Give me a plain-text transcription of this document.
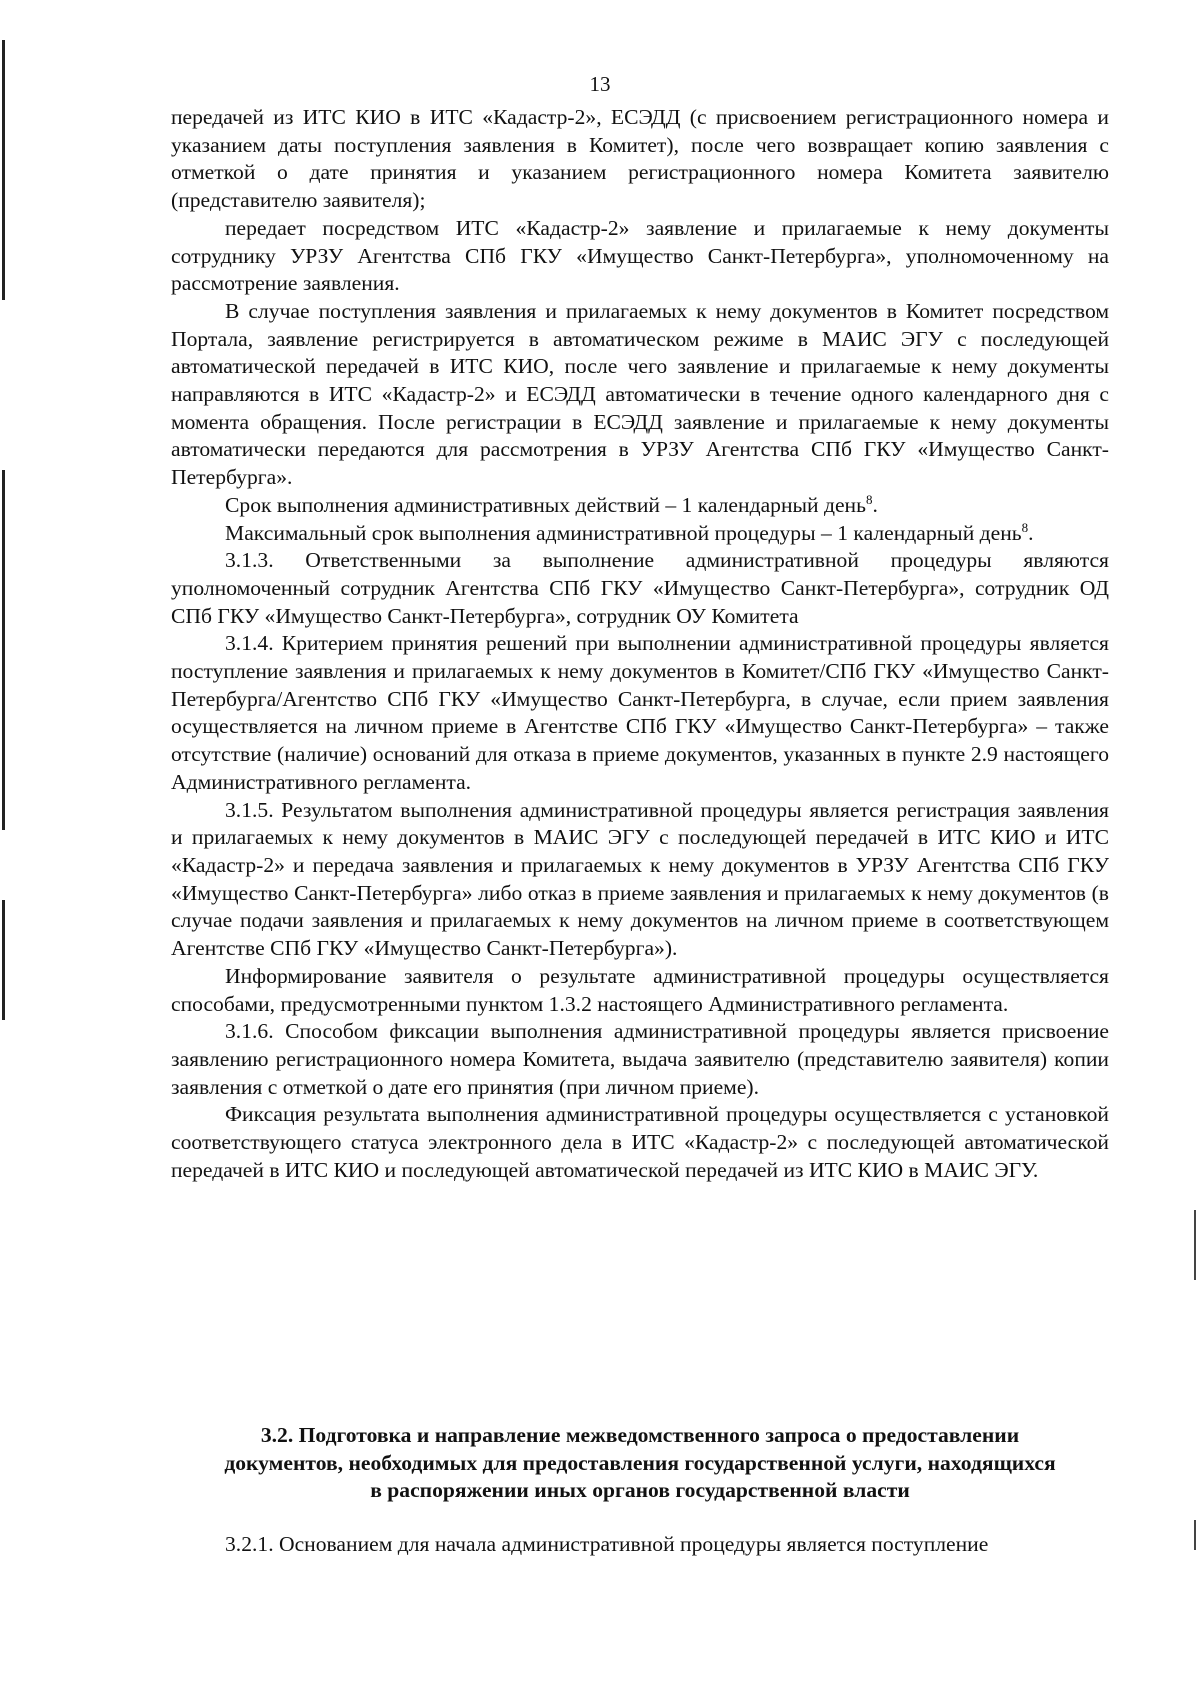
13

передачей из ИТС КИО в ИТС «Кадастр-2», ЕСЭДД (с присвоением регистрационного номера и указанием даты поступления заявления в Комитет), после чего возвращает копию заявления с отметкой о дате принятия и указанием регистрационного номера Комитета заявителю (представителю заявителя);

передает посредством ИТС «Кадастр-2» заявление и прилагаемые к нему документы сотруднику УРЗУ Агентства СПб ГКУ «Имущество Санкт-Петербурга», уполномоченному на рассмотрение заявления.

В случае поступления заявления и прилагаемых к нему документов в Комитет посредством Портала, заявление регистрируется в автоматическом режиме в МАИС ЭГУ с последующей автоматической передачей в ИТС КИО, после чего заявление и прилагаемые к нему документы направляются в ИТС «Кадастр-2» и ЕСЭДД автоматически в течение одного календарного дня с момента обращения. После регистрации в ЕСЭДД заявление и прилагаемые к нему документы автоматически передаются для рассмотрения в УРЗУ Агентства СПб ГКУ «Имущество Санкт-Петербурга».

Срок выполнения административных действий – 1 календарный день$^8$.

Максимальный срок выполнения административной процедуры – 1 календарный день$^8$.

3.1.3. Ответственными за выполнение административной процедуры являются уполномоченный сотрудник Агентства СПб ГКУ «Имущество Санкт-Петербурга», сотрудник ОД СПб ГКУ «Имущество Санкт-Петербурга», сотрудник ОУ Комитета

3.1.4. Критерием принятия решений при выполнении административной процедуры является поступление заявления и прилагаемых к нему документов в Комитет/СПб ГКУ «Имущество Санкт-Петербурга/Агентство СПб ГКУ «Имущество Санкт-Петербурга, в случае, если прием заявления осуществляется на личном приеме в Агентстве СПб ГКУ «Имущество Санкт-Петербурга» – также отсутствие (наличие) оснований для отказа в приеме документов, указанных в пункте 2.9 настоящего Административного регламента.

3.1.5. Результатом выполнения административной процедуры является регистрация заявления и прилагаемых к нему документов в МАИС ЭГУ с последующей передачей в ИТС КИО и ИТС «Кадастр-2» и передача заявления и прилагаемых к нему документов в УРЗУ Агентства СПб ГКУ «Имущество Санкт-Петербурга» либо отказ в приеме заявления и прилагаемых к нему документов (в случае подачи заявления и прилагаемых к нему документов на личном приеме в соответствующем Агентстве СПб ГКУ «Имущество Санкт-Петербурга»).

Информирование заявителя о результате административной процедуры осуществляется способами, предусмотренными пунктом 1.3.2 настоящего Административного регламента.

3.1.6. Способом фиксации выполнения административной процедуры является присвоение заявлению регистрационного номера Комитета, выдача заявителю (представителю заявителя) копии заявления с отметкой о дате его принятия (при личном приеме).

Фиксация результата выполнения административной процедуры осуществляется с установкой соответствующего статуса электронного дела в ИТС «Кадастр-2» с последующей автоматической передачей в ИТС КИО и последующей автоматической передачей из ИТС КИО в МАИС ЭГУ.

3.2. Подготовка и направление межведомственного запроса о предоставлении
документов, необходимых для предоставления государственной услуги, находящихся
в распоряжении иных органов государственной власти

3.2.1. Основанием для начала административной процедуры является поступление
